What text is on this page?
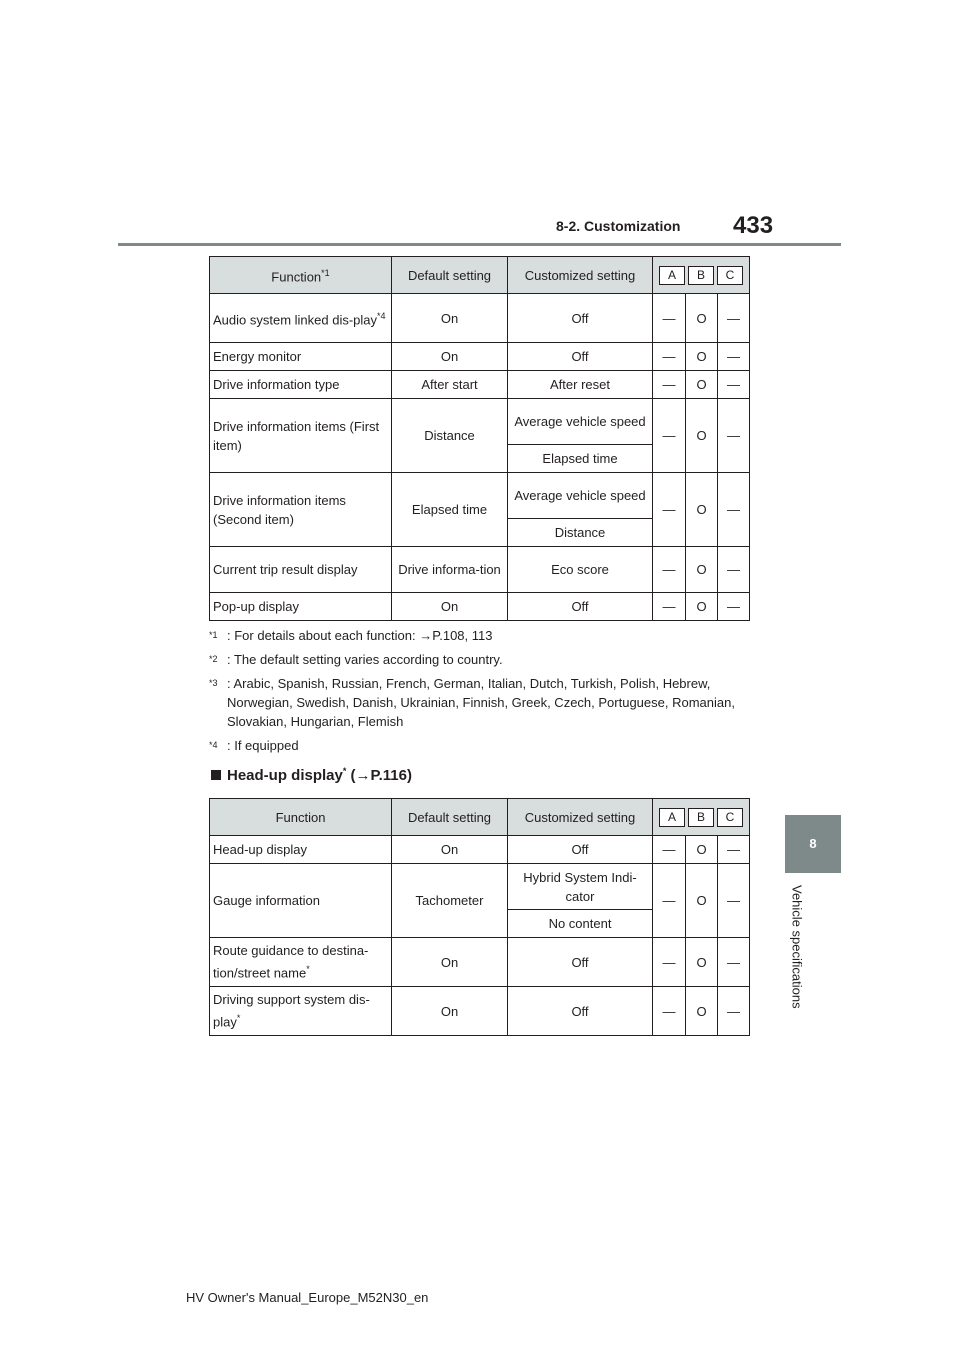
8-2. Customization 433
8
Vehicle specifications
Function$^{*1}$	Default setting	Customized setting	A B C		

Audio system linked dis-play$^{*4}$	On	Off	—	O	—
Energy monitor	On	Off	—	O	—
Drive information type	After start	After reset	—	O	—
Drive information items (First item)	Distance	Average vehicle speed	—	O	—
		Elapsed time			
Drive information items (Second item)	Elapsed time	Average vehicle speed	—	O	—
		Distance			
Current trip result display	Drive informa-tion	Eco score	—	O	—
Pop-up display	On	Off	—	O	—
*1 : For details about each function: →P.108, 113
*2 : The default setting varies according to country.
*3 : Arabic, Spanish, Russian, French, German, Italian, Dutch, Turkish, Polish, Hebrew, Norwegian, Swedish, Danish, Ukrainian, Finnish, Greek, Czech, Portuguese, Romanian, Slovakian, Hungarian, Flemish
*4 : If equipped
Head-up display* (→P.116)
Function	Default setting	Customized setting	A B C		

Head-up display	On	Off	—	O	—
Gauge information	Tachometer	Hybrid System Indi-cator	—	O	—
		No content			
Route guidance to destina-tion/street name*	On	Off	—	O	—
Driving support system dis-play*	On	Off	—	O	—
HV Owner's Manual_Europe_M52N30_en
